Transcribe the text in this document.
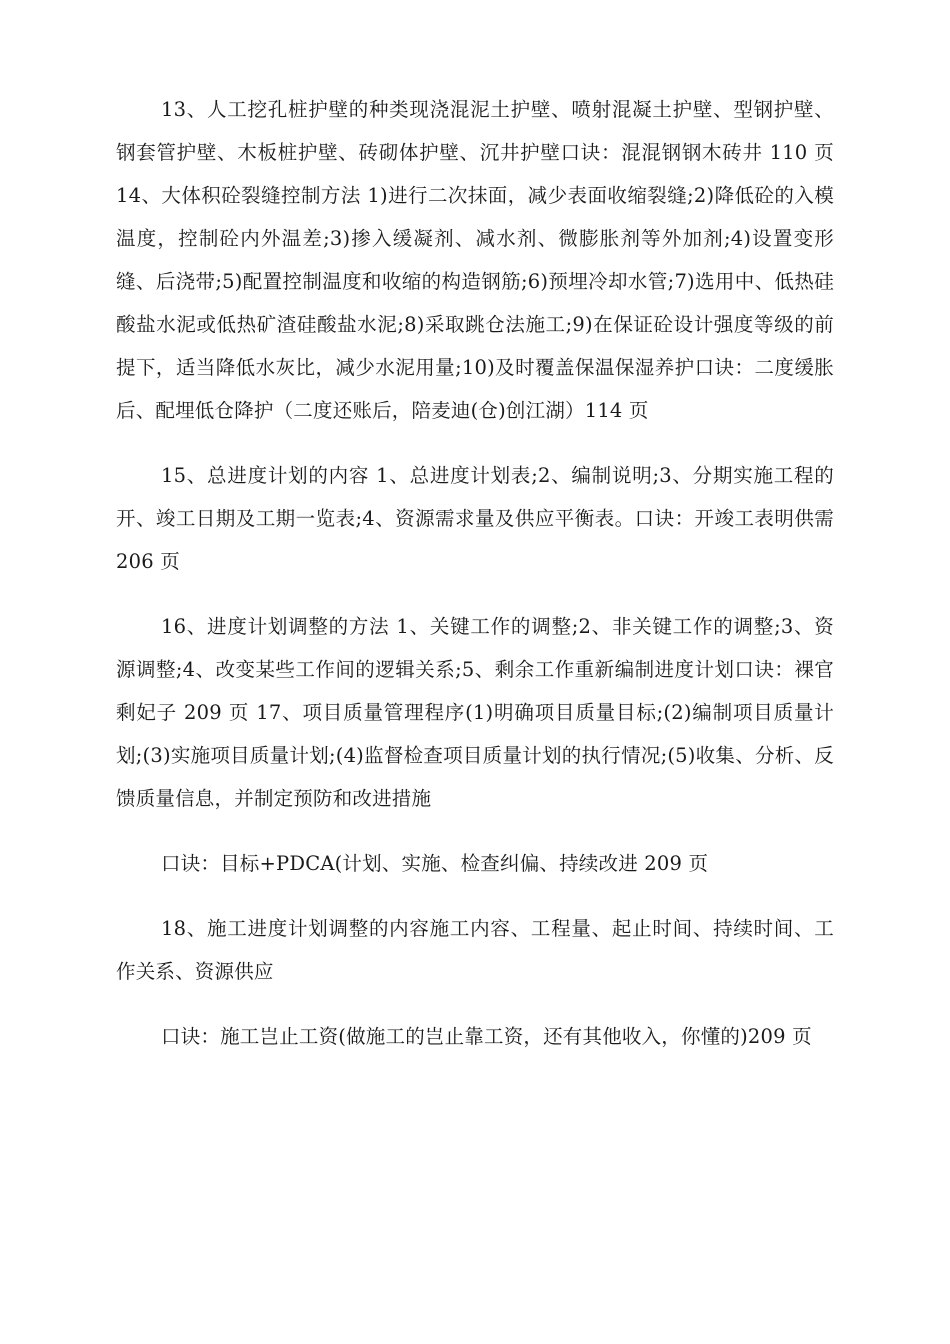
13、人工挖孔桩护壁的种类现浇混泥土护壁、喷射混凝土护壁、型钢护壁、钢套管护壁、木板桩护壁、砖砌体护壁、沉井护壁口诀：混混钢钢木砖井 110 页 14、大体积砼裂缝控制方法 1)进行二次抹面，减少表面收缩裂缝;2)降低砼的入模温度，控制砼内外温差;3)掺入缓凝剂、减水剂、微膨胀剂等外加剂;4)设置变形缝、后浇带;5)配置控制温度和收缩的构造钢筋;6)预埋冷却水管;7)选用中、低热硅酸盐水泥或低热矿渣硅酸盐水泥;8)采取跳仓法施工;9)在保证砼设计强度等级的前提下，适当降低水灰比，减少水泥用量;10)及时覆盖保温保湿养护口诀：二度缓胀后、配埋低仓降护（二度还账后，陪麦迪(仓)创江湖）114 页

15、总进度计划的内容 1、总进度计划表;2、编制说明;3、分期实施工程的开、竣工日期及工期一览表;4、资源需求量及供应平衡表。口诀：开竣工表明供需 206 页

16、进度计划调整的方法 1、关键工作的调整;2、非关键工作的调整;3、资源调整;4、改变某些工作间的逻辑关系;5、剩余工作重新编制进度计划口诀：裸官剩妃子 209 页 17、项目质量管理程序(1)明确项目质量目标;(2)编制项目质量计划;(3)实施项目质量计划;(4)监督检查项目质量计划的执行情况;(5)收集、分析、反馈质量信息，并制定预防和改进措施

口诀：目标+PDCA(计划、实施、检查纠偏、持续改进 209 页

18、施工进度计划调整的内容施工内容、工程量、起止时间、持续时间、工作关系、资源供应

口诀：施工岂止工资(做施工的岂止靠工资，还有其他收入，你懂的)209 页
